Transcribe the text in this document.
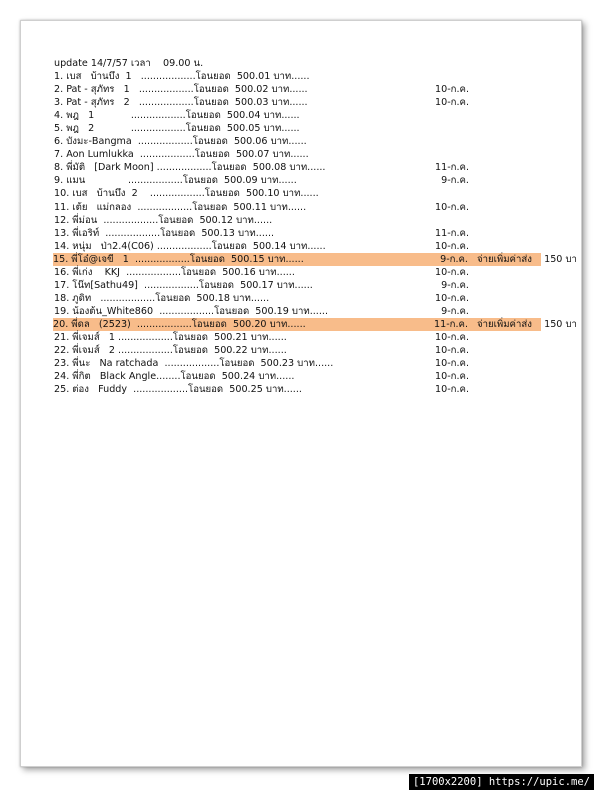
update 14/7/57 เวลา    09.00 น.
1. เบส   บ้านบึง  1   ..................โอนยอด  500.01 บาท......
2. Pat - สุภัทร   1   ..................โอนยอด  500.02 บาท......	10-ก.ค.
3. Pat - สุภัทร   2   ..................โอนยอด  500.03 บาท......	10-ก.ค.
4. พฎ   1            ..................โอนยอด  500.04 บาท......
5. พฎ   2            ..................โอนยอด  500.05 บาท......
6. บังมะ-Bangma  ..................โอนยอด  500.06 บาท......
7. Aon Lumlukka  ..................โอนยอด  500.07 บาท......
8. พี่มัติ   [Dark Moon] ..................โอนยอด  500.08 บาท......	11-ก.ค.
9. แมน              ..................โอนยอด  500.09 บาท......	9-ก.ค.
10. เบส   บ้านบึง  2    ..................โอนยอด  500.10 บาท......
11. เต้ย   แม่กลอง  ..................โอนยอด  500.11 บาท......	10-ก.ค.
12. พี่ม่อน  ..................โอนยอด  500.12 บาท......
13. พี่เอริท์  ..................โอนยอด  500.13 บาท......	11-ก.ค.
14. หนุ่ม   ป่า2.4(C06) ..................โอนยอด  500.14 บาท......	10-ก.ค.
15. พี่โอ๋@เจขี   1  ..................โอนยอด  500.15 บาท......	9-ก.ค. จ่ายเพิ่มค่าส่ง    150 บา
16. พี่เก่ง    KKJ  ..................โอนยอด  500.16 บาท......	10-ก.ค.
17. โน๊ท[Sathu49]  ..................โอนยอด  500.17 บาท......	9-ก.ค.
18. ภูดิท   ..................โอนยอด  500.18 บาท......	10-ก.ค.
19. น้องต้น_White860  ..................โอนยอด  500.19 บาท......	9-ก.ค.
20. พี่ดล   (2523)  ..................โอนยอด  500.20 บาท......	11-ก.ค. จ่ายเพิ่มค่าส่ง    150 บา
21. พี่เจมส์   1 ..................โอนยอด  500.21 บาท......	10-ก.ค.
22. พี่เจมส์   2 ..................โอนยอด  500.22 บาท......	10-ก.ค.
23. พี่นะ   Na ratchada  ..................โอนยอด  500.23 บาท......	10-ก.ค.
24. พี่กิต   Black Angle........โอนยอด  500.24 บาท......	10-ก.ค.
25. ต่อง   Fuddy  ..................โอนยอด  500.25 บาท......	10-ก.ค.
[1700x2200] https://upic.me/
